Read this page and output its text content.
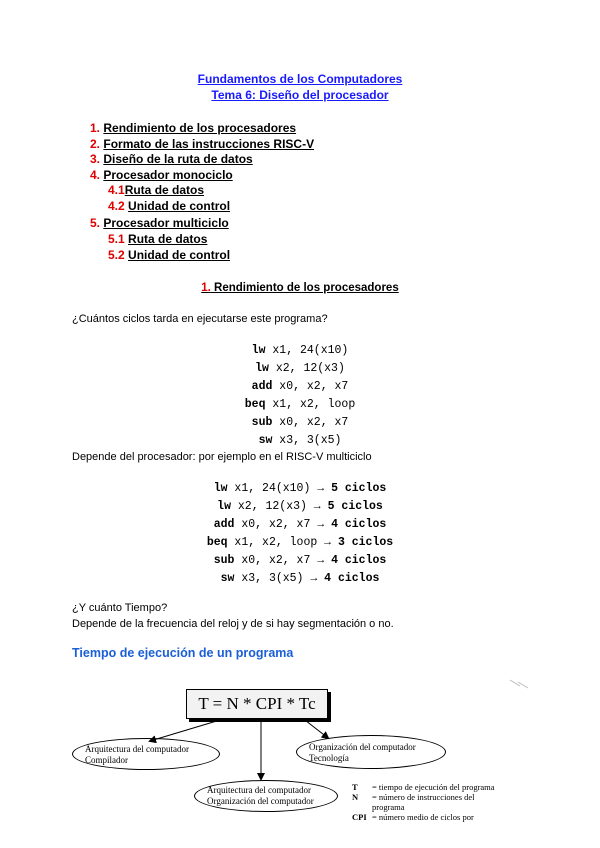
Fundamentos de los Computadores
Tema 6: Diseño del procesador
1. Rendimiento de los procesadores
2. Formato de las instrucciones RISC-V
3. Diseño de la ruta de datos
4. Procesador monociclo
4.1Ruta de datos
4.2 Unidad de control
5. Procesador multiciclo
5.1 Ruta de datos
5.2 Unidad de control
1. Rendimiento de los procesadores
¿Cuántos ciclos tarda en ejecutarse este programa?
lw x1, 24(x10)
lw x2, 12(x3)
add x0, x2, x7
beq x1, x2, loop
sub x0, x2, x7
sw x3, 3(x5)
Depende del procesador: por ejemplo en el RISC-V multiciclo
lw x1, 24(x10) → 5 ciclos
lw x2, 12(x3) → 5 ciclos
add x0, x2, x7 → 4 ciclos
beq x1, x2, loop → 3 ciclos
sub x0, x2, x7 → 4 ciclos
sw x3, 3(x5) → 4 ciclos
¿Y cuánto Tiempo?
Depende de la frecuencia del reloj y de si hay segmentación o no.
Tiempo de ejecución de un programa
T = N * CPI * Tc
Arquitectura del computador
Compilador
Organización del computador
Tecnología
Arquitectura del computador
Organización del computador
T = tiempo de ejecución del programa
N = número de instrucciones del
programa
CPI = número medio de ciclos por
